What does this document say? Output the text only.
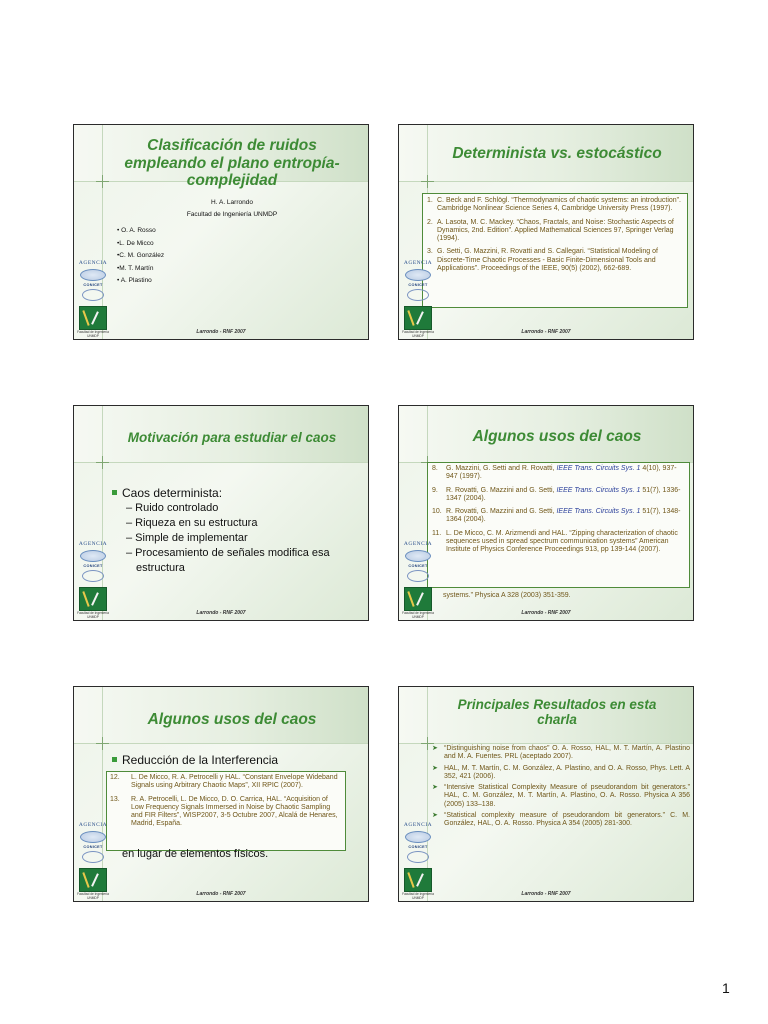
Clasificación de ruidos
empleando el plano entropía-
complejidad
H. A. Larrondo
Facultad de Ingeniería UNMDP
• O. A. Rosso
•L. De Micco
•C. M. González
•M. T. Martín
• A. Plastino
AGENCIA
CONICET
Facultad de Ingeniería UNMDP
Larrondo - RNF 2007
Determinista vs. estocástico
1. C. Beck and F. Schlögl. “Thermodynamics of chaotic systems: an introduction”. Cambridge Nonlinear Science Series 4, Cambridge University Press (1997).
2. A. Lasota, M. C. Mackey. “Chaos, Fractals, and Noise: Stochastic Aspects of Dynamics, 2nd. Edition”. Applied Mathematical Sciences 97, Springer Verlag (1994).
3. G. Setti, G. Mazzini, R. Rovatti and S. Callegari. “Statistical Modeling of Discrete-Time Chaotic Processes - Basic Finite-Dimensional Tools and Applications”. Proceedings of the IEEE, 90(5) (2002), 662-689.
AGENCIA
CONICET
Facultad de Ingeniería UNMDP
Larrondo - RNF 2007
Motivación para estudiar el caos
Caos determinista:
– Ruido controlado
– Riqueza en su estructura
– Simple de implementar
– Procesamiento de señales modifica esa
estructura
AGENCIA
CONICET
Facultad de Ingeniería UNMDP
Larrondo - RNF 2007
Algunos usos del caos
systems.” Physica A 328 (2003) 351-359.
8. G. Mazzini, G. Setti and R. Rovatti, IEEE Trans. Circuits Sys. 1 4(10), 937-947 (1997).
9. R. Rovatti, G. Mazzini and G. Setti, IEEE Trans. Circuits Sys. 1 51(7), 1336-1347 (2004).
10. R. Rovatti, G. Mazzini and G. Setti, IEEE Trans. Circuits Sys. 1 51(7), 1348-1364 (2004).
11. L. De Micco, C. M. Arizmendi and HAL. “Zipping characterization of chaotic sequences used in spread spectrum communication systems” American Institute of Physics Conference Proceedings 913, pp 139-144 (2007).
AGENCIA
CONICET
Facultad de Ingeniería UNMDP
Larrondo - RNF 2007
Algunos usos del caos
Reducción de la Interferencia
12. L. De Micco, R. A. Petrocelli y HAL. “Constant Envelope Wideband Signals using Arbitrary Chaotic Maps”, XII RPIC (2007).
13. R. A. Petrocelli, L. De Micco, D. O. Carrica, HAL. “Acquisition of Low Frequency Signals Immersed in Noise by Chaotic Sampling and FIR Filters”, WISP2007, 3-5 Octubre 2007, Alcalá de Henares, Madrid, España.
en lugar de elementos físicos.
AGENCIA
CONICET
Facultad de Ingeniería UNMDP
Larrondo - RNF 2007
Principales Resultados en esta
charla
➤ “Distinguishing noise from chaos” O. A. Rosso, HAL, M. T. Martín, A. Plastino and M. A. Fuentes. PRL (aceptado 2007).
➤ HAL, M. T. Martín, C. M. González, A. Plastino, and O. A. Rosso, Phys. Lett. A 352, 421 (2006).
➤ “Intensive Statistical Complexity Measure of pseudorandom bit generators.” HAL, C. M. González, M. T. Martín, A. Plastino, O. A. Rosso. Physica A 356 (2005) 133–138.
➤ “Statistical complexity measure of pseudorandom bit generators.” C. M. González, HAL, O. A. Rosso. Physica A 354 (2005) 281-300.
AGENCIA
CONICET
Facultad de Ingeniería UNMDP
Larrondo - RNF 2007
1
